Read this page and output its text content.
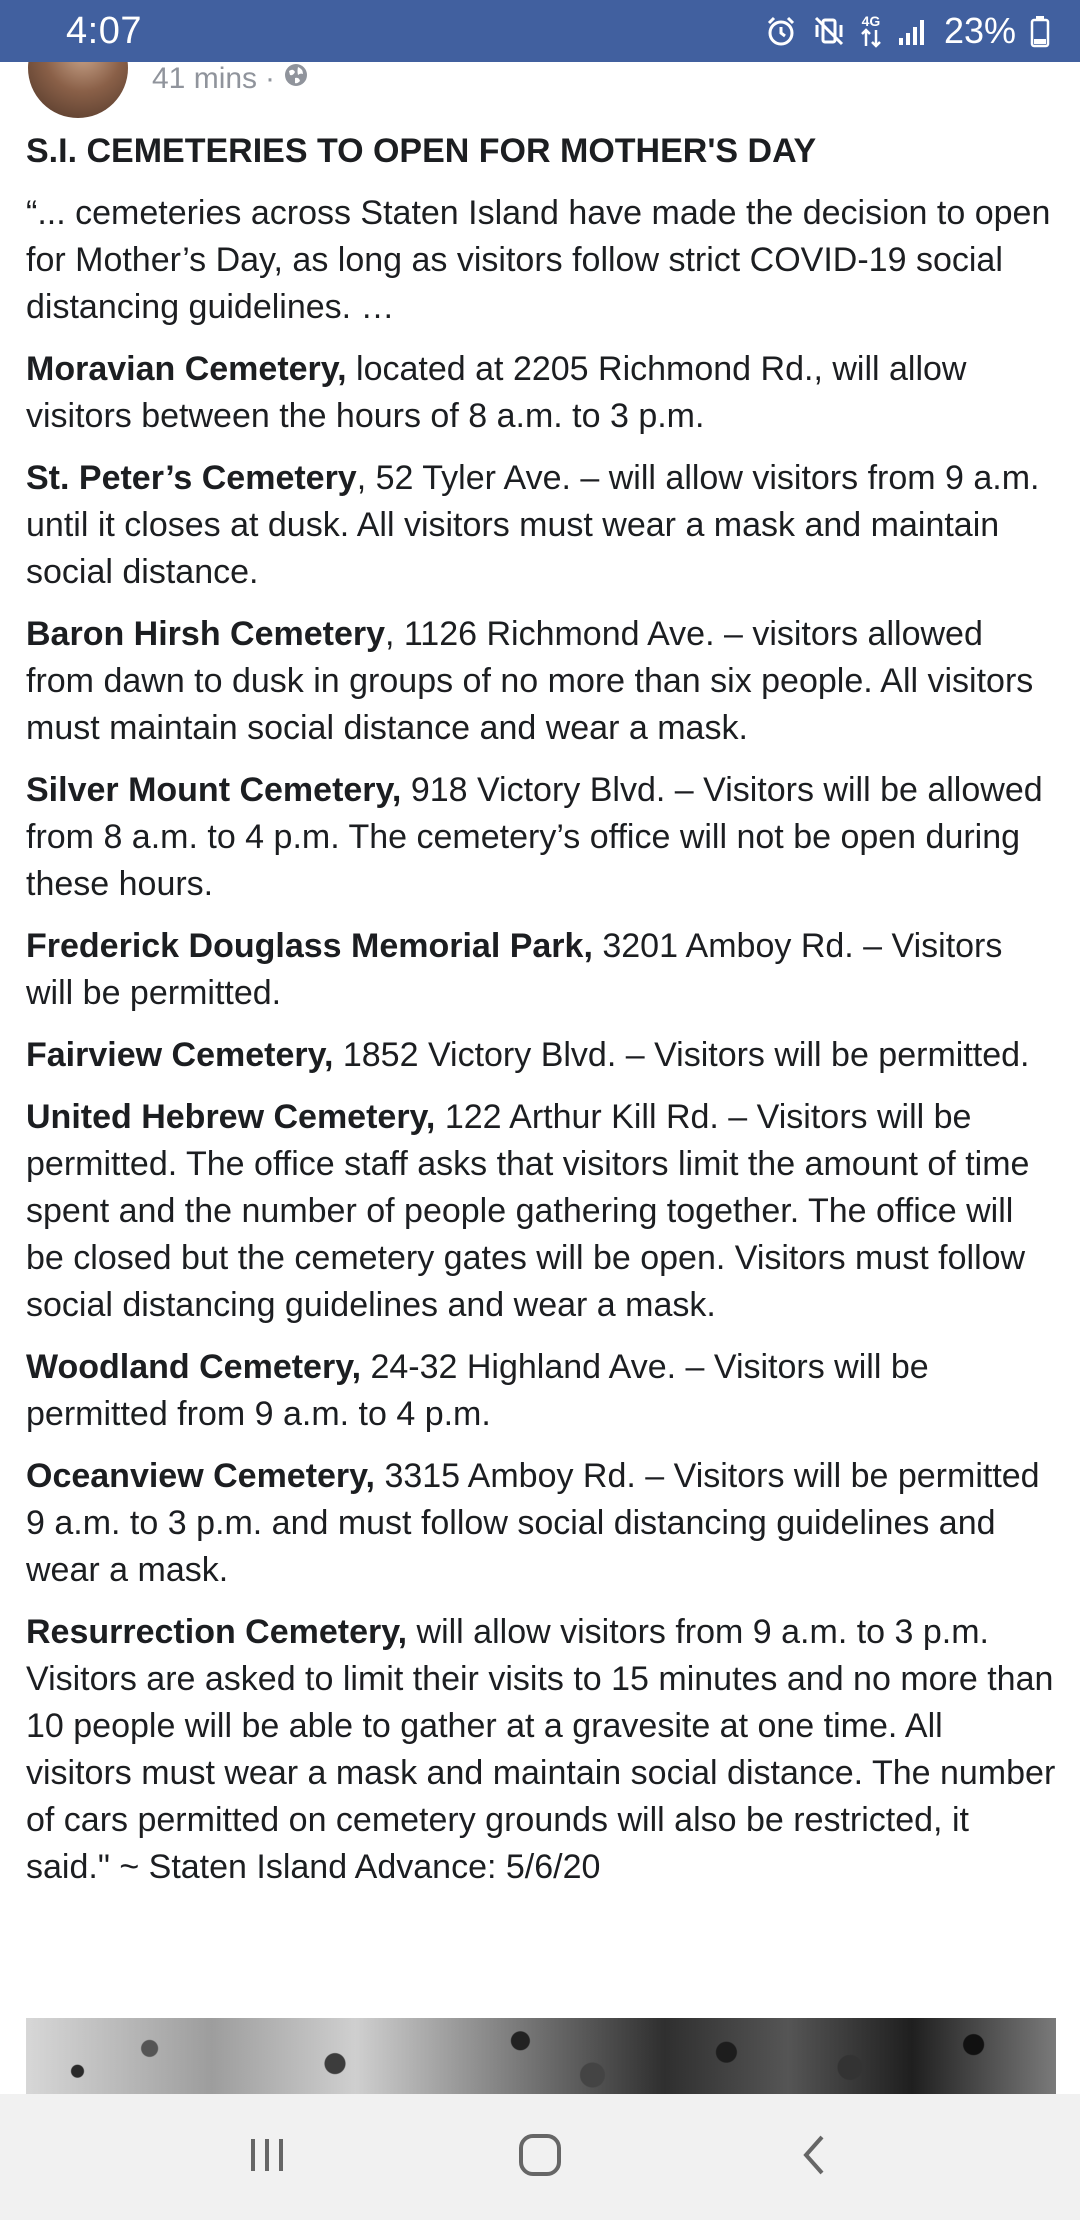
4:07	4G 23%
41 mins ·
S.I. CEMETERIES TO OPEN FOR MOTHER'S DAY

“... cemeteries across Staten Island have made the decision to open for Mother’s Day, as long as visitors follow strict COVID-19 social distancing guidelines. …

Moravian Cemetery, located at 2205 Richmond Rd., will allow visitors between the hours of 8 a.m. to 3 p.m.

St. Peter’s Cemetery, 52 Tyler Ave. – will allow visitors from 9 a.m. until it closes at dusk. All visitors must wear a mask and maintain social distance.

Baron Hirsh Cemetery, 1126 Richmond Ave. – visitors allowed from dawn to dusk in groups of no more than six people. All visitors must maintain social distance and wear a mask.

Silver Mount Cemetery, 918 Victory Blvd. – Visitors will be allowed from 8 a.m. to 4 p.m. The cemetery’s office will not be open during these hours.

Frederick Douglass Memorial Park, 3201 Amboy Rd. – Visitors will be permitted.

Fairview Cemetery, 1852 Victory Blvd. – Visitors will be permitted.

United Hebrew Cemetery, 122 Arthur Kill Rd. – Visitors will be permitted. The office staff asks that visitors limit the amount of time spent and the number of people gathering together. The office will be closed but the cemetery gates will be open. Visitors must follow social distancing guidelines and wear a mask.

Woodland Cemetery, 24-32 Highland Ave. – Visitors will be permitted from 9 a.m. to 4 p.m.

Oceanview Cemetery, 3315 Amboy Rd. – Visitors will be permitted 9 a.m. to 3 p.m. and must follow social distancing guidelines and wear a mask.

Resurrection Cemetery, will allow visitors from 9 a.m. to 3 p.m. Visitors are asked to limit their visits to 15 minutes and no more than 10 people will be able to gather at a gravesite at one time. All visitors must wear a mask and maintain social distance. The number of cars permitted on cemetery grounds will also be restricted, it said." ~ Staten Island Advance: 5/6/20
